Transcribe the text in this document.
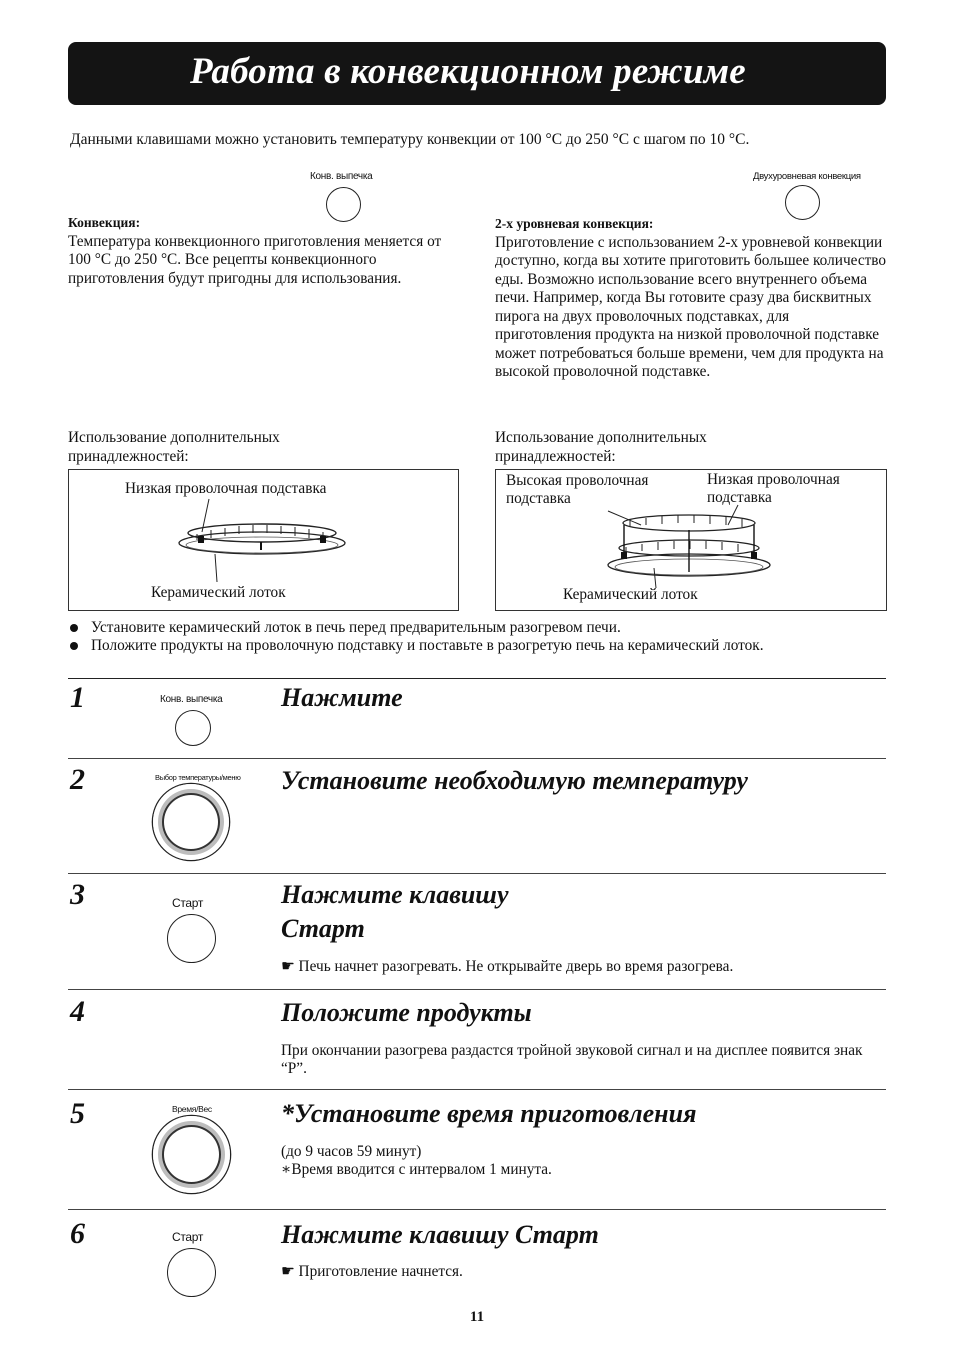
Работа в конвекционном режиме
Данными клавишами можно установить температуру конвекции от 100 °C до 250 °C с шагом по 10 °C.
Конв. выпечка
Конвекция:
Температура конвекционного приготовления меняется от 100 °C до 250 °C. Все рецепты конвекционного приготовления будут пригодны для использования.
Двухуровневая конвекция
2-х уровневая конвекция:
Приготовление с использованием 2-х уровневой конвекции доступно, когда вы хотите приготовить большее количество еды. Возможно использование всего внутреннего объема печи. Например, когда Вы готовите сразу два бисквитных пирога на двух проволочных подставках, для приготовления продукта на низкой проволочной подставке может потребоваться больше времени, чем для продукта на высокой проволочной подставке.
Использование дополнительных принадлежностей:
Низкая проволочная подставка
Керамический лоток
Использование дополнительных принадлежностей:
Высокая проволочная подставка
Низкая проволочная подставка
Керамический лоток
Установите керамический лоток в печь перед предварительным разогревом печи.
Положите продукты на проволочную подставку и поставьте в разогретую печь на керамический лоток.
1	Конв. выпечка Нажмите
2	Выбор температуры/меню Установите необходимую температуру
3	Старт	Нажмите клавишу
Старт
☛ Печь начнет разогревать. Не открывайте дверь во время разогрева.
4	Положите продукты
При окончании разогрева раздастся тройной звуковой сигнал и на дисплее появится знак “P”.
5	Время/Вес	*Установите время приготовления
(до 9 часов 59 минут)
∗Время вводится с интервалом 1 минута.
6	Старт	Нажмите клавишу Старт
☛ Приготовление начнется.
11
